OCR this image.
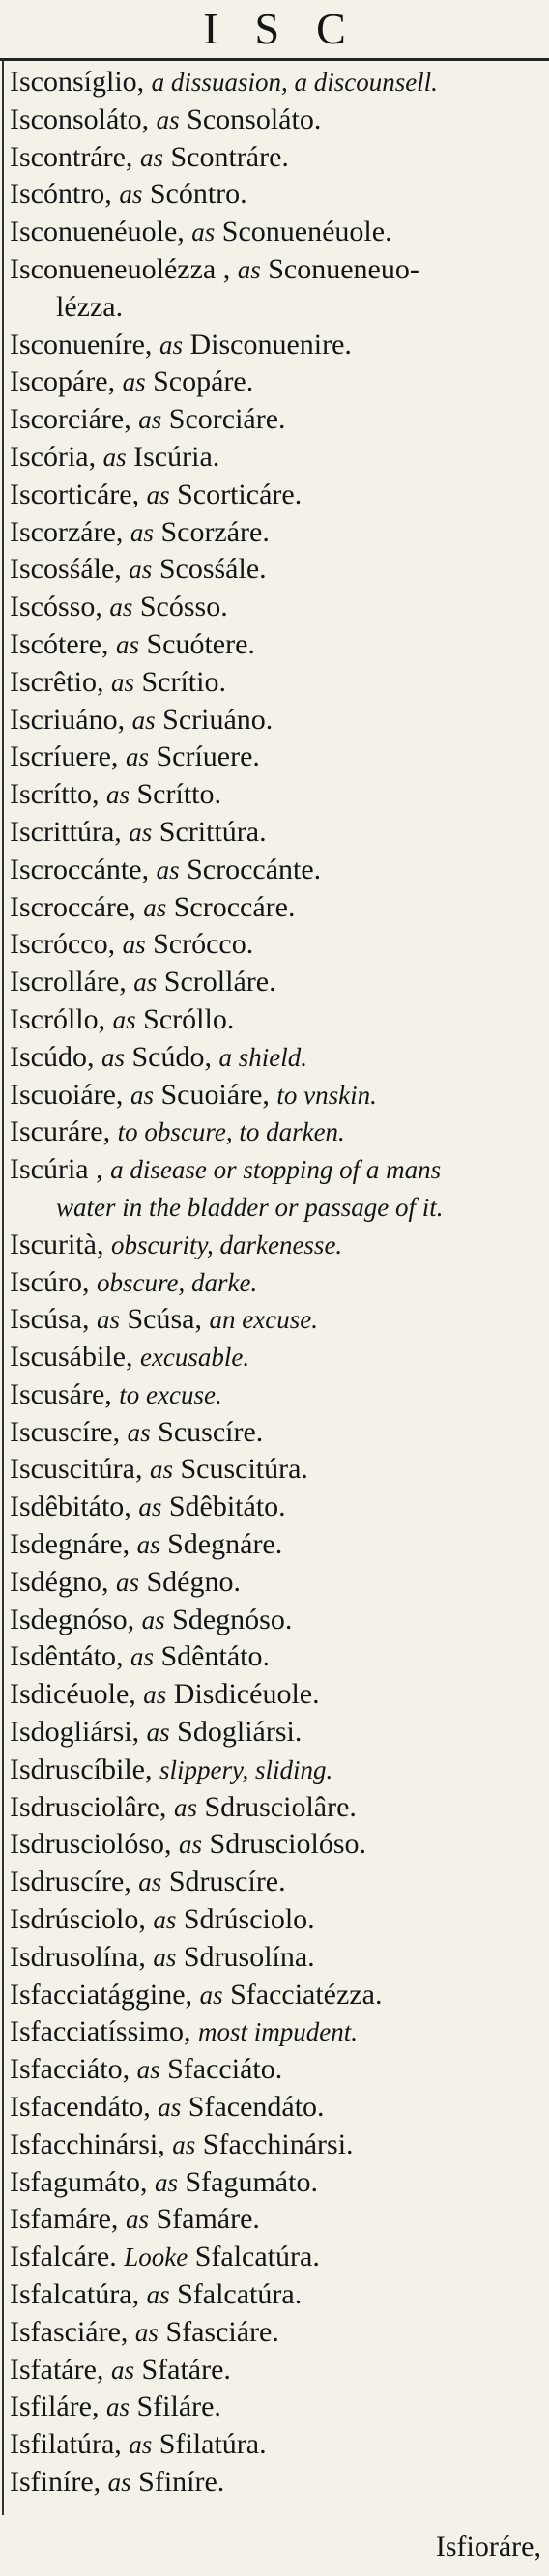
ISC
Isconsíglio, a dissuasion, a discounsell.
Isconsoláto, as Sconsoláto.
Iscontráre, as Scontráre.
Iscóntro, as Scóntro.
Isconuenéuole, as Sconuenéuole.
Isconueneuolézza , as Sconueneuo-
lézza.
Isconueníre, as Disconuenire.
Iscopáre, as Scopáre.
Iscorciáre, as Scorciáre.
Iscória, as Iscúria.
Iscorticáre, as Scorticáre.
Iscorzáre, as Scorzáre.
Iscosśále, as Scosśále.
Iscósso, as Scósso.
Iscótere, as Scuótere.
Iscrêtio, as Scrítio.
Iscriuáno, as Scriuáno.
Iscríuere, as Scríuere.
Iscrítto, as Scrítto.
Iscrittúra, as Scrittúra.
Iscroccánte, as Scroccánte.
Iscroccáre, as Scroccáre.
Iscrócco, as Scrócco.
Iscrolláre, as Scrolláre.
Iscróllo, as Scróllo.
Iscúdo, as Scúdo, a shield.
Iscuoiáre, as Scuoiáre, to vnskin.
Iscuráre, to obscure, to darken.
Iscúria , a disease or stopping of a mans
water in the bladder or passage of it.
Iscurità, obscurity, darkenesse.
Iscúro, obscure, darke.
Iscúsa, as Scúsa, an excuse.
Iscusábile, excusable.
Iscusáre, to excuse.
Iscuscíre, as Scuscíre.
Iscuscitúra, as Scuscitúra.
Isdêbitáto, as Sdêbitáto.
Isdegnáre, as Sdegnáre.
Isdégno, as Sdégno.
Isdegnóso, as Sdegnóso.
Isdêntáto, as Sdêntáto.
Isdicéuole, as Disdicéuole.
Isdogliársi, as Sdogliársi.
Isdruscíbile, slippery, sliding.
Isdrusciolâre, as Sdrusciolâre.
Isdrusciolóso, as Sdrusciolóso.
Isdruscíre, as Sdruscíre.
Isdrúsciolo, as Sdrúsciolo.
Isdrusolína, as Sdrusolína.
Isfacciatággine, as Sfacciatézza.
Isfacciatíssimo, most impudent.
Isfacciáto, as Sfacciáto.
Isfacendáto, as Sfacendáto.
Isfacchinársi, as Sfacchinársi.
Isfagumáto, as Sfagumáto.
Isfamáre, as Sfamáre.
Isfalcáre. Looke Sfalcatúra.
Isfalcatúra, as Sfalcatúra.
Isfasciáre, as Sfasciáre.
Isfatáre, as Sfatáre.
Isfiláre, as Sfiláre.
Isfilatúra, as Sfilatúra.
Isfiníre, as Sfiníre.
Isfioráre,
